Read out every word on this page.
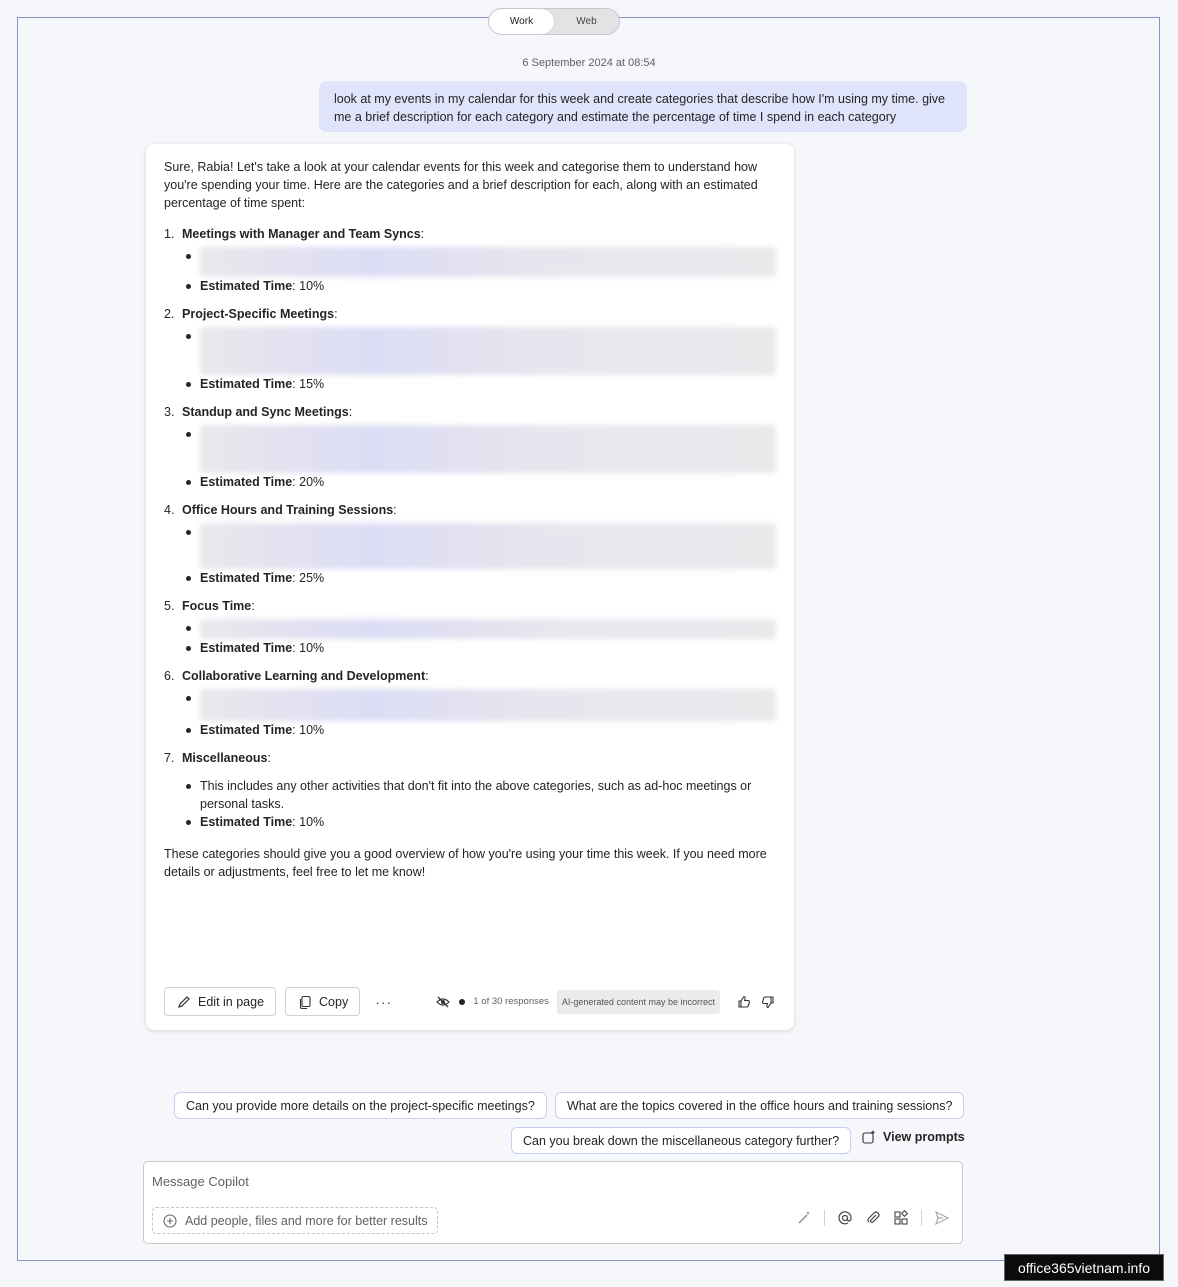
Work	Web
6 September 2024 at 08:54
look at my events in my calendar for this week and create categories that describe how I'm using my time. give me a brief description for each category and estimate the percentage of time I spend in each category
Sure, Rabia! Let's take a look at your calendar events for this week and categorise them to understand how you're spending your time. Here are the categories and a brief description for each, along with an estimated percentage of time spent:
1. Meetings with Manager and Team Syncs:
Estimated Time: 10%
2. Project-Specific Meetings:
Estimated Time: 15%
3. Standup and Sync Meetings:
Estimated Time: 20%
4. Office Hours and Training Sessions:
Estimated Time: 25%
5. Focus Time:
Estimated Time: 10%
6. Collaborative Learning and Development:
Estimated Time: 10%
7. Miscellaneous:
This includes any other activities that don't fit into the above categories, such as ad-hoc meetings or personal tasks.
Estimated Time: 10%
These categories should give you a good overview of how you're using your time this week. If you need more details or adjustments, feel free to let me know!
Edit in page	Copy ···	1 of 30 responses	AI-generated content may be incorrect
Can you provide more details on the project-specific meetings?	What are the topics covered in the office hours and training sessions?
Can you break down the miscellaneous category further?	View prompts
Message Copilot
Add people, files and more for better results
office365vietnam.info
